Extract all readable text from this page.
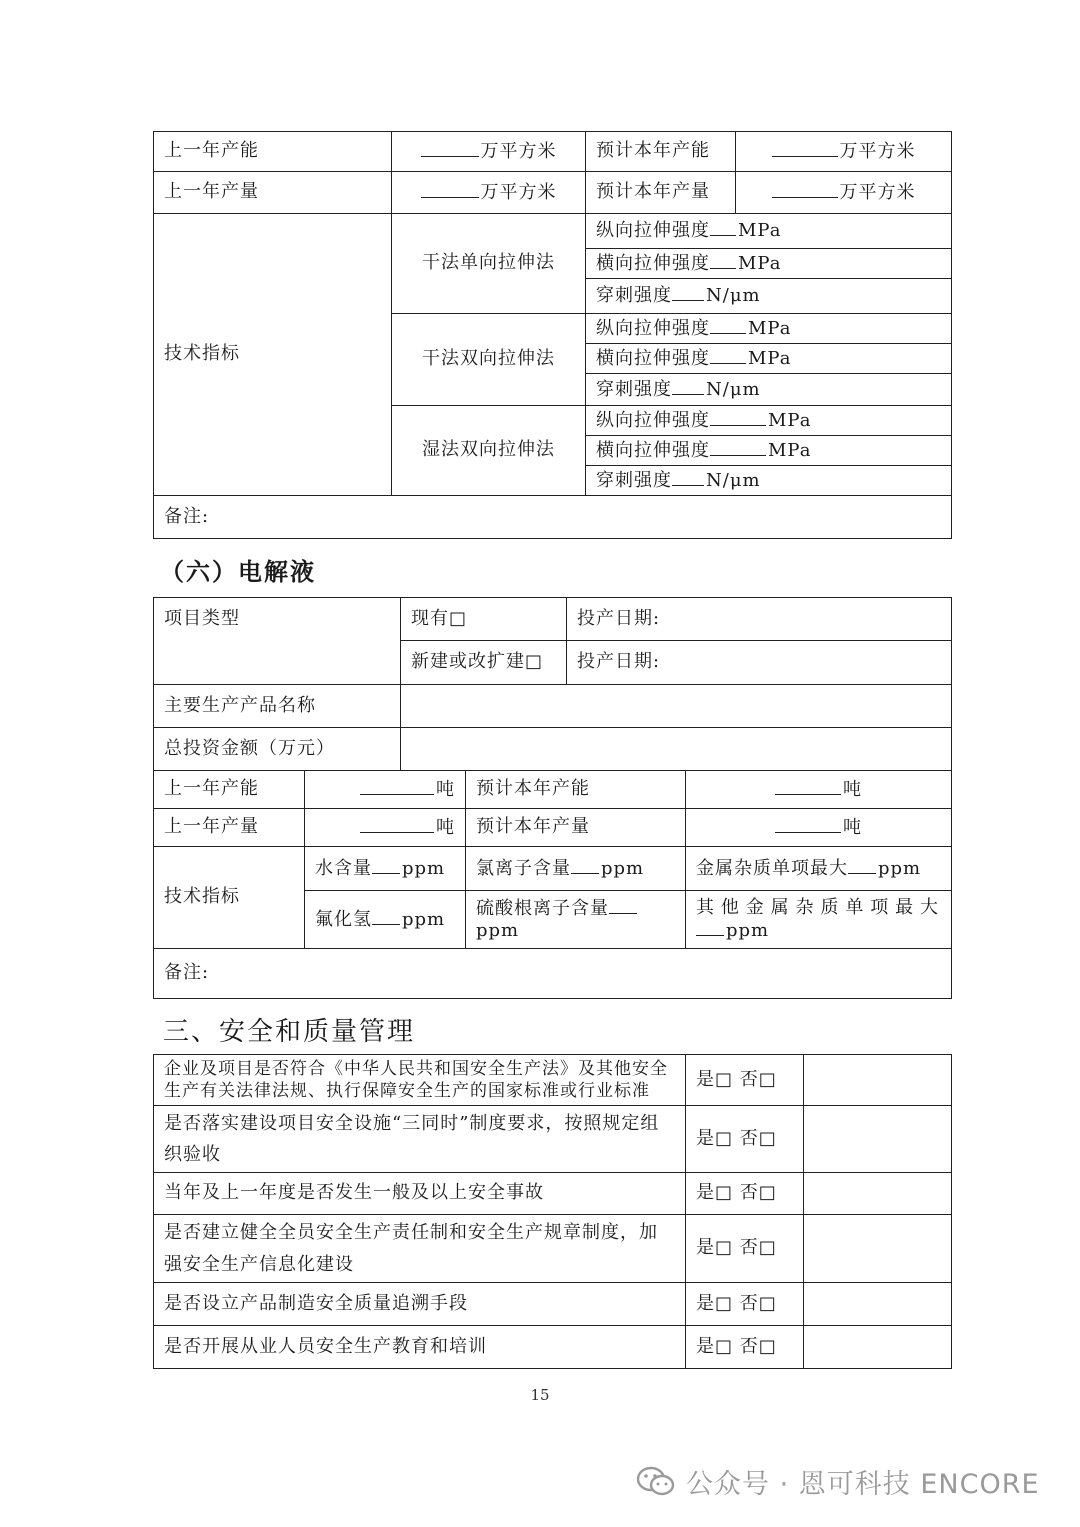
上一年产能	万平方米	预计本年产能	万平方米
上一年产量	万平方米	预计本年产量	万平方米
技术指标	干法单向拉伸法	纵向拉伸强度 MPa	
		横向拉伸强度 MPa	
		穿刺强度 N/μm	
	干法双向拉伸法	纵向拉伸强度 MPa	
		横向拉伸强度 MPa	
		穿刺强度 N/μm	
	湿法双向拉伸法	纵向拉伸强度 MPa	
		横向拉伸强度 MPa	
		穿刺强度 N/μm	
备注:			
（六）电解液
项目类型	现有□	投产日期:
	新建或改扩建□	投产日期:
主要生产产品名称		
总投资金额（万元）		
上一年产能	吨	预计本年产能	吨
上一年产量	吨	预计本年产量	吨
技术指标	水含量 ppm	氯离子含量 ppm	金属杂质单项最大 ppm
	氟化氢 ppm	硫酸根离子含量ppm	其他金属杂质单项最大
ppm
备注:			
三、安全和质量管理
企业及项目是否符合《中华人民共和国安全生产法》及其他安全生产有关法律法规、执行保障安全生产的国家标准或行业标准	是□ 否□	
是否落实建设项目安全设施“三同时”制度要求，按照规定组织验收	是□ 否□	
当年及上一年度是否发生一般及以上安全事故	是□ 否□	
是否建立健全全员安全生产责任制和安全生产规章制度，加强安全生产信息化建设	是□ 否□	
是否设立产品制造安全质量追溯手段	是□ 否□	
是否开展从业人员安全生产教育和培训	是□ 否□	
15
公众号 · 恩可科技 ENCORE
